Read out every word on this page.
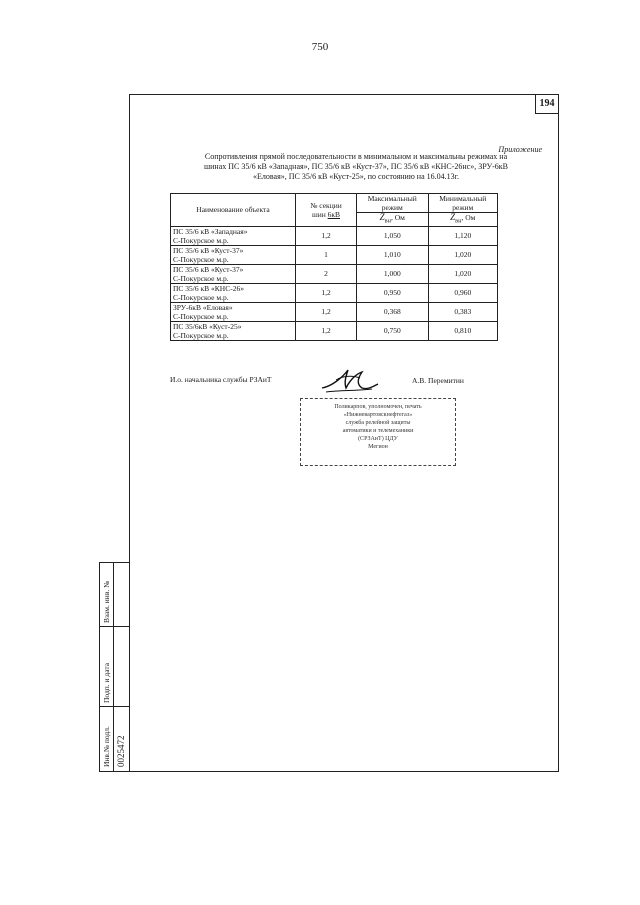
750
194
Приложение
Сопротивления прямой последовательности в минимальном и максимальны режимах на
шинах ПС 35/6 кВ «Западная», ПС 35/6 кВ «Куст-37», ПС 35/6 кВ «КНС-26нс», ЗРУ-6кВ
«Еловая», ПС 35/6 кВ «Куст-25», по состоянию на 16.04.13г.
Наименование объекта	№ секции
шин 6кВ	Максимальный режим	Минимальный режим
		$Z_{вн}$, Ом	$Z_{вн}$, Ом
ПС 35/6 кВ «Западная»
С-Покурское м.р.	1,2	1,050	1,120
ПС 35/6 кВ «Куст-37»
С-Покурское м.р.	1	1,010	1,020
ПС 35/6 кВ «Куст-37»
С-Покурское м.р.	2	1,000	1,020
ПС 35/6 кВ «КНС-26»
С-Покурское м.р.	1,2	0,950	0,960
ЗРУ-6кВ «Еловая»
С-Покурское м.р.	1,2	0,368	0,383
ПС 35/6кВ «Куст-25»
С-Покурское м.р.	1,2	0,750	0,810
И.о. начальника службы РЗАиТ	А.В. Перемитин
Поликарпов, уполномочен, печать
«Нижневартовскнефтегаз»
служба релейной защиты
автоматики и телемеханики
(СРЗАиТ) ЦДУ
Мегион
Взам. инв. №
Подп. и дата
Инв.№ подл. 0025472
